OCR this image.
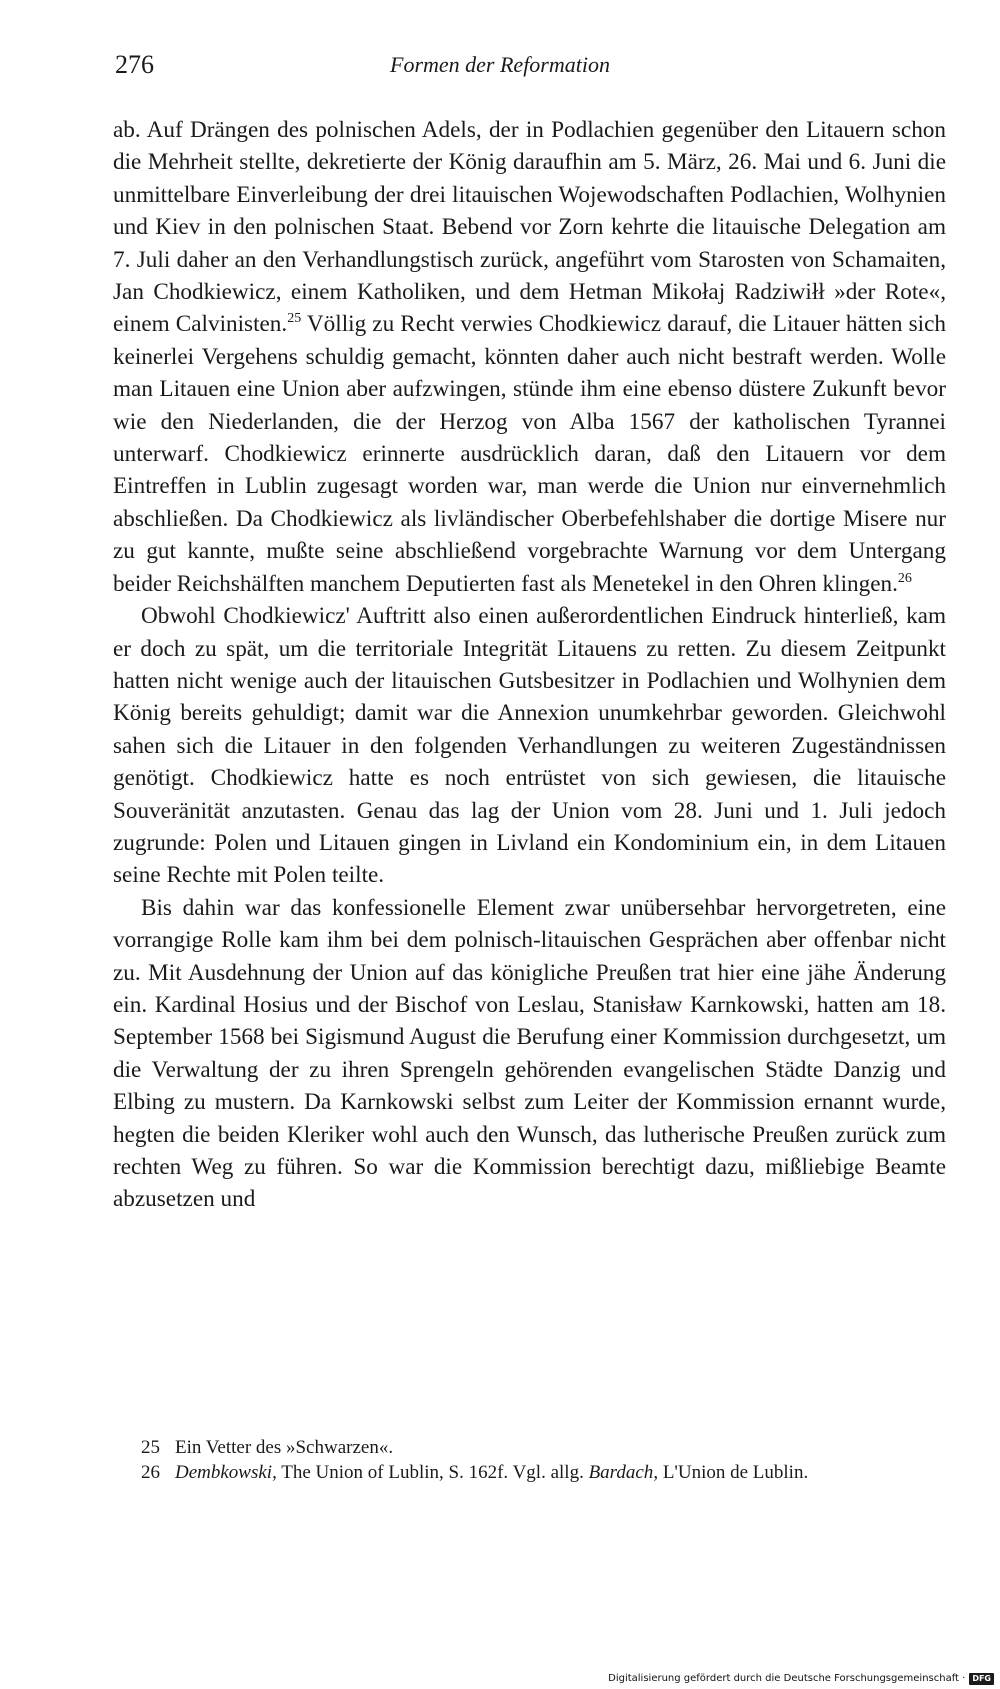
276	Formen der Reformation

ab. Auf Drängen des polnischen Adels, der in Podlachien gegenüber den Litauern schon die Mehrheit stellte, dekretierte der König daraufhin am 5. März, 26. Mai und 6. Juni die unmittelbare Einverleibung der drei litauischen Wojewodschaften Podlachien, Wolhynien und Kiev in den polnischen Staat. Bebend vor Zorn kehrte die litauische Delegation am 7. Juli daher an den Verhandlungstisch zurück, angeführt vom Starosten von Schamaiten, Jan Chodkiewicz, einem Katholiken, und dem Hetman Mikołaj Radziwiłł »der Rote«, einem Calvinisten.$^{25}$ Völlig zu Recht verwies Chodkiewicz darauf, die Litauer hätten sich keinerlei Vergehens schuldig gemacht, könnten daher auch nicht bestraft werden. Wolle man Litauen eine Union aber aufzwingen, stünde ihm eine ebenso düstere Zukunft bevor wie den Niederlanden, die der Herzog von Alba 1567 der katholischen Tyrannei unterwarf. Chodkiewicz erinnerte ausdrücklich daran, daß den Litauern vor dem Eintreffen in Lublin zugesagt worden war, man werde die Union nur einvernehmlich abschließen. Da Chodkiewicz als livländischer Oberbefehlshaber die dortige Misere nur zu gut kannte, mußte seine abschließend vorgebrachte Warnung vor dem Untergang beider Reichshälften manchem Deputierten fast als Menetekel in den Ohren klingen.$^{26}$

Obwohl Chodkiewicz' Auftritt also einen außerordentlichen Eindruck hinterließ, kam er doch zu spät, um die territoriale Integrität Litauens zu retten. Zu diesem Zeitpunkt hatten nicht wenige auch der litauischen Gutsbesitzer in Podlachien und Wolhynien dem König bereits gehuldigt; damit war die Annexion unumkehrbar geworden. Gleichwohl sahen sich die Litauer in den folgenden Verhandlungen zu weiteren Zugeständnissen genötigt. Chodkiewicz hatte es noch entrüstet von sich gewiesen, die litauische Souveränität anzutasten. Genau das lag der Union vom 28. Juni und 1. Juli jedoch zugrunde: Polen und Litauen gingen in Livland ein Kondominium ein, in dem Litauen seine Rechte mit Polen teilte.

Bis dahin war das konfessionelle Element zwar unübersehbar hervorgetreten, eine vorrangige Rolle kam ihm bei dem polnisch-litauischen Gesprächen aber offenbar nicht zu. Mit Ausdehnung der Union auf das königliche Preußen trat hier eine jähe Änderung ein. Kardinal Hosius und der Bischof von Leslau, Stanisław Karnkowski, hatten am 18. September 1568 bei Sigismund August die Berufung einer Kommission durchgesetzt, um die Verwaltung der zu ihren Sprengeln gehörenden evangelischen Städte Danzig und Elbing zu mustern. Da Karnkowski selbst zum Leiter der Kommission ernannt wurde, hegten die beiden Kleriker wohl auch den Wunsch, das lutherische Preußen zurück zum rechten Weg zu führen. So war die Kommission berechtigt dazu, mißliebige Beamte abzusetzen und

25 Ein Vetter des »Schwarzen«.
26 Dembkowski, The Union of Lublin, S. 162f. Vgl. allg. Bardach, L'Union de Lublin.
Digitalisierung gefördert durch die Deutsche Forschungsgemeinschaft · DFG
